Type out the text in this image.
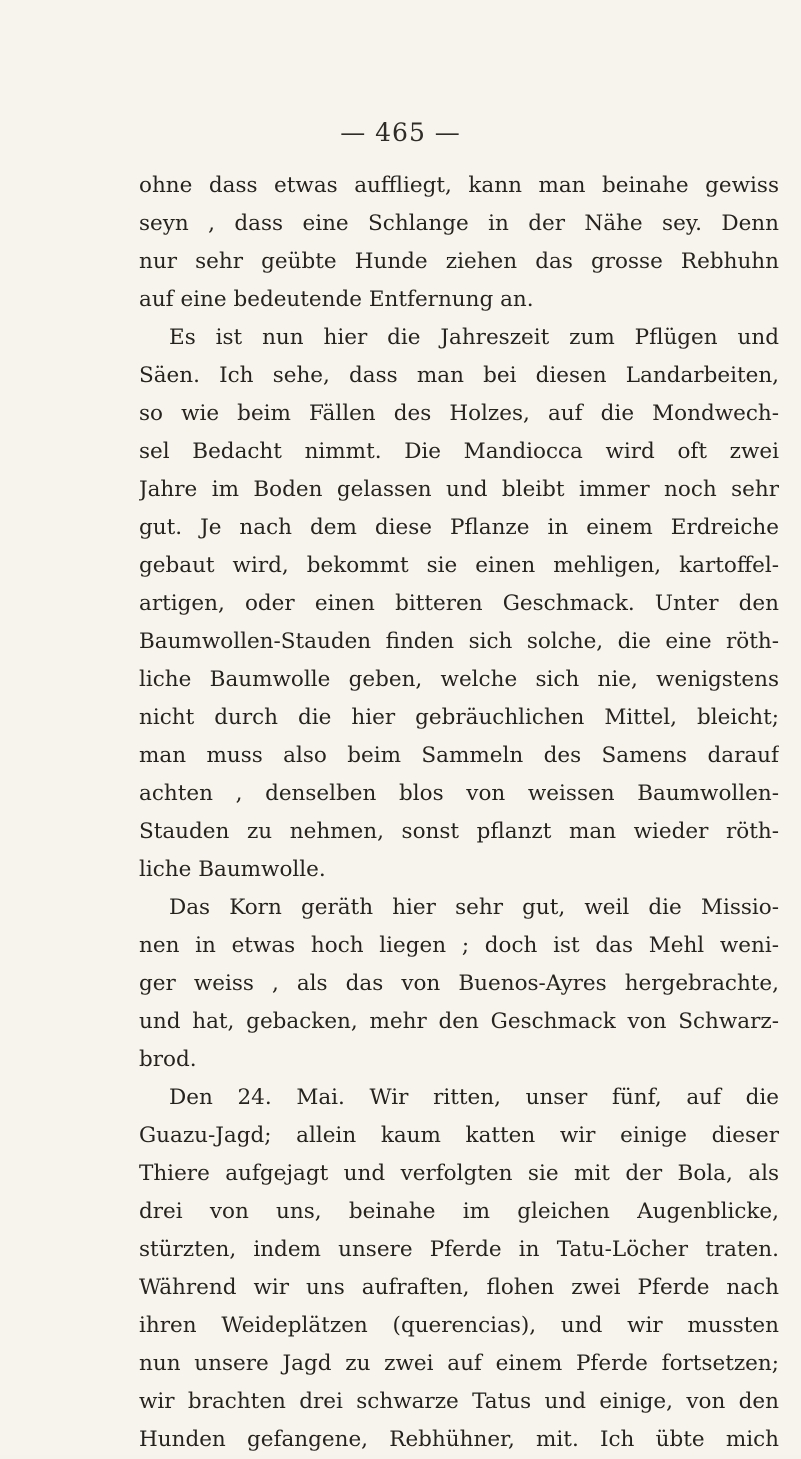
— 465 —
ohne dass etwas auffliegt, kann man beinahe gewiss
seyn , dass eine Schlange in der Nähe sey. Denn
nur sehr geübte Hunde ziehen das grosse Rebhuhn
auf eine bedeutende Entfernung an.
Es ist nun hier die Jahreszeit zum Pflügen und
Säen. Ich sehe, dass man bei diesen Landarbeiten,
so wie beim Fällen des Holzes, auf die Mondwech-
sel Bedacht nimmt. Die Mandiocca wird oft zwei
Jahre im Boden gelassen und bleibt immer noch sehr
gut. Je nach dem diese Pflanze in einem Erdreiche
gebaut wird, bekommt sie einen mehligen, kartoffel-
artigen, oder einen bitteren Geschmack. Unter den
Baumwollen-Stauden finden sich solche, die eine röth-
liche Baumwolle geben, welche sich nie, wenigstens
nicht durch die hier gebräuchlichen Mittel, bleicht;
man muss also beim Sammeln des Samens darauf
achten , denselben blos von weissen Baumwollen-
Stauden zu nehmen, sonst pflanzt man wieder röth-
liche Baumwolle.
Das Korn geräth hier sehr gut, weil die Missio-
nen in etwas hoch liegen ; doch ist das Mehl weni-
ger weiss , als das von Buenos-Ayres hergebrachte,
und hat, gebacken, mehr den Geschmack von Schwarz-
brod.
Den 24. Mai. Wir ritten, unser fünf, auf die
Guazu-Jagd; allein kaum katten wir einige dieser
Thiere aufgejagt und verfolgten sie mit der Bola, als
drei von uns, beinahe im gleichen Augenblicke,
stürzten, indem unsere Pferde in Tatu-Löcher traten.
Während wir uns aufraften, flohen zwei Pferde nach
ihren Weideplätzen (querencias), und wir mussten
nun unsere Jagd zu zwei auf einem Pferde fortsetzen;
wir brachten drei schwarze Tatus und einige, von den
Hunden gefangene, Rebhühner, mit. Ich übte mich
